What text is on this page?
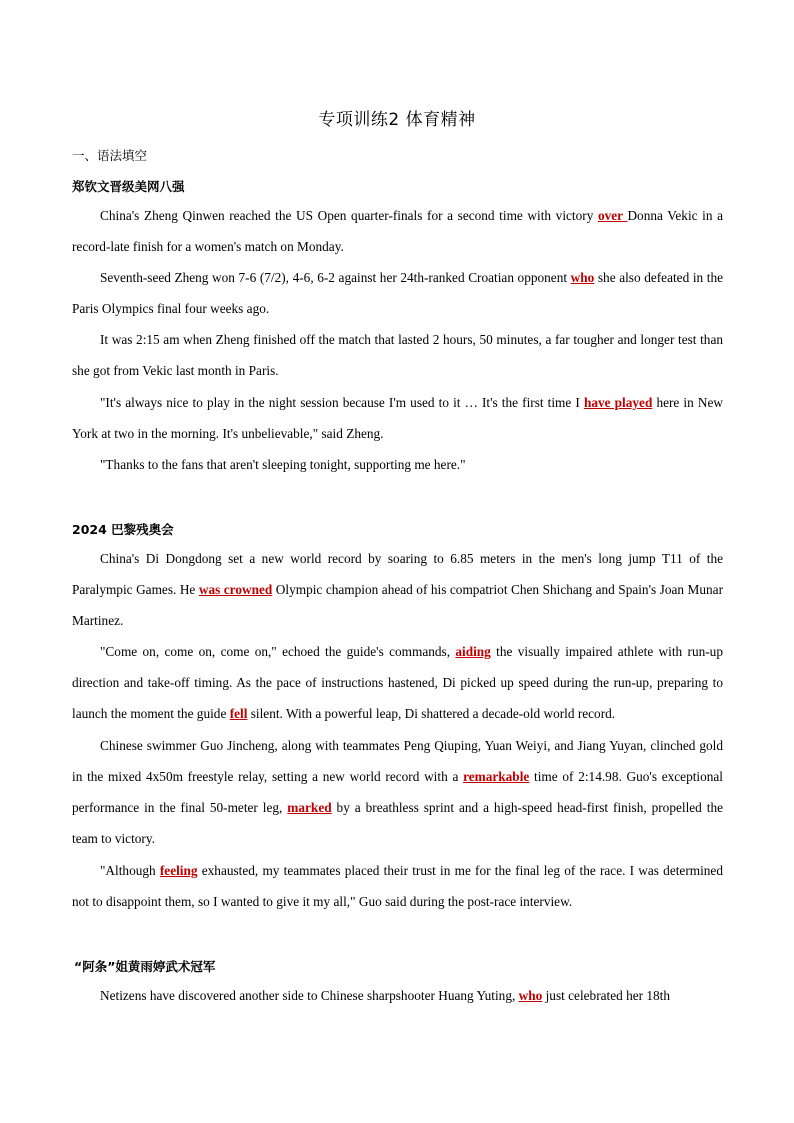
专项训练2 体育精神
一、语法填空
郑钦文晋级美网八强

China's Zheng Qinwen reached the US Open quarter-finals for a second time with victory over Donna Vekic in a record-late finish for a women's match on Monday.

Seventh-seed Zheng won 7-6 (7/2), 4-6, 6-2 against her 24th-ranked Croatian opponent who she also defeated in the Paris Olympics final four weeks ago.

It was 2:15 am when Zheng finished off the match that lasted 2 hours, 50 minutes, a far tougher and longer test than she got from Vekic last month in Paris.

"It's always nice to play in the night session because I'm used to it … It's the first time I have played here in New York at two in the morning. It's unbelievable," said Zheng.

"Thanks to the fans that aren't sleeping tonight, supporting me here."

2024 巴黎残奥会

China's Di Dongdong set a new world record by soaring to 6.85 meters in the men's long jump T11 of the Paralympic Games. He was crowned Olympic champion ahead of his compatriot Chen Shichang and Spain's Joan Munar Martinez.

"Come on, come on, come on," echoed the guide's commands, aiding the visually impaired athlete with run-up direction and take-off timing. As the pace of instructions hastened, Di picked up speed during the run-up, preparing to launch the moment the guide fell silent. With a powerful leap, Di shattered a decade-old world record.

Chinese swimmer Guo Jincheng, along with teammates Peng Qiuping, Yuan Weiyi, and Jiang Yuyan, clinched gold in the mixed 4x50m freestyle relay, setting a new world record with a remarkable time of 2:14.98. Guo's exceptional performance in the final 50-meter leg, marked by a breathless sprint and a high-speed head-first finish, propelled the team to victory.

"Although feeling exhausted, my teammates placed their trust in me for the final leg of the race. I was determined not to disappoint them, so I wanted to give it my all," Guo said during the post-race interview.

“阿条”姐黄雨婷武术冠军

Netizens have discovered another side to Chinese sharpshooter Huang Yuting, who just celebrated her 18th
